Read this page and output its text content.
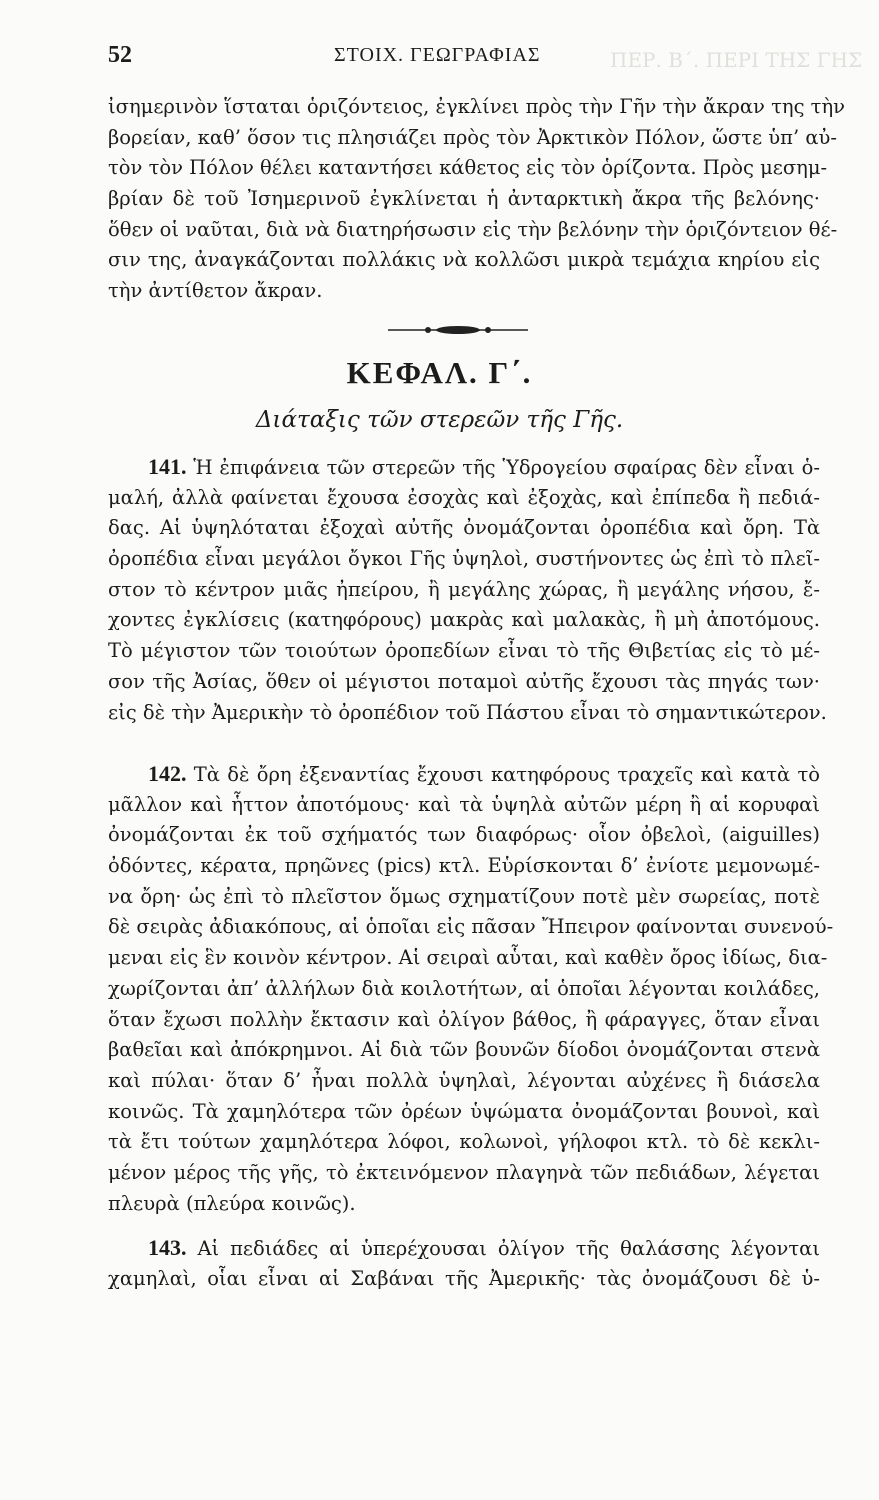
ΠΕΡ. Β΄. ΠΕΡΙ ΤΗΣ ΓΗΣ
52	ΣΤΟΙΧ. ΓΕΩΓΡΑΦΙΑΣ
ἰσημερινὸν ἵσταται ὁριζόντειος, ἐγκλίνει πρὸς τὴν Γῆν τὴν ἄκραν της τὴν
βορείαν, καθ’ ὅσον τις πλησιάζει πρὸς τὸν Ἀρκτικὸν Πόλον, ὥστε ὑπ’ αὐ-
τὸν τὸν Πόλον θέλει καταντήσει κάθετος εἰς τὸν ὁρίζοντα. Πρὸς μεσημ-
βρίαν δὲ τοῦ Ἰσημερινοῦ ἐγκλίνεται ἡ ἀνταρκτικὴ ἄκρα τῆς βελόνης·
ὅθεν οἱ ναῦται, διὰ νὰ διατηρήσωσιν εἰς τὴν βελόνην τὴν ὁριζόντειον θέ-
σιν της, ἀναγκάζονται πολλάκις νὰ κολλῶσι μικρὰ τεμάχια κηρίου εἰς
τὴν ἀντίθετον ἄκραν.
ΚΕΦΑΛ. Γ΄.
Διάταξις τῶν στερεῶν τῆς Γῆς.
141. Ἡ ἐπιφάνεια τῶν στερεῶν τῆς Ὑδρογείου σφαίρας δὲν εἶναι ὁ-
μαλή, ἀλλὰ φαίνεται ἔχουσα ἐσοχὰς καὶ ἐξοχὰς, καὶ ἐπίπεδα ἢ πεδιά-
δας. Αἱ ὑψηλόταται ἐξοχαὶ αὐτῆς ὀνομάζονται ὀροπέδια καὶ ὄρη. Τὰ
ὀροπέδια εἶναι μεγάλοι ὄγκοι Γῆς ὑψηλοὶ, συστήνοντες ὡς ἐπὶ τὸ πλεῖ-
στον τὸ κέντρον μιᾶς ἠπείρου, ἢ μεγάλης χώρας, ἢ μεγάλης νήσου, ἔ-
χοντες ἐγκλίσεις (κατηφόρους) μακρὰς καὶ μαλακὰς, ἢ μὴ ἀποτόμους.
Τὸ μέγιστον τῶν τοιούτων ὀροπεδίων εἶναι τὸ τῆς Θιβετίας εἰς τὸ μέ-
σον τῆς Ἀσίας, ὅθεν οἱ μέγιστοι ποταμοὶ αὐτῆς ἔχουσι τὰς πηγάς των·
εἰς δὲ τὴν Ἀμερικὴν τὸ ὀροπέδιον τοῦ Πάστου εἶναι τὸ σημαντικώτερον.
142. Τὰ δὲ ὄρη ἐξεναντίας ἔχουσι κατηφόρους τραχεῖς καὶ κατὰ τὸ
μᾶλλον καὶ ἧττον ἀποτόμους· καὶ τὰ ὑψηλὰ αὐτῶν μέρη ἢ αἱ κορυφαὶ
ὀνομάζονται ἐκ τοῦ σχήματός των διαφόρως· οἷον ὀβελοὶ, (aiguilles)
ὀδόντες, κέρατα, πρηῶνες (pics) κτλ. Εὑρίσκονται δ’ ἐνίοτε μεμονωμέ-
να ὄρη· ὡς ἐπὶ τὸ πλεῖστον ὅμως σχηματίζουν ποτὲ μὲν σωρείας, ποτὲ
δὲ σειρὰς ἀδιακόπους, αἱ ὁποῖαι εἰς πᾶσαν Ἤπειρον φαίνονται συνενού-
μεναι εἰς ἓν κοινὸν κέντρον. Αἱ σειραὶ αὗται, καὶ καθὲν ὄρος ἰδίως, δια-
χωρίζονται ἀπ’ ἀλλήλων διὰ κοιλοτήτων, αἱ ὁποῖαι λέγονται κοιλάδες,
ὅταν ἔχωσι πολλὴν ἔκτασιν καὶ ὀλίγον βάθος, ἢ φάραγγες, ὅταν εἶναι
βαθεῖαι καὶ ἀπόκρημνοι. Αἱ διὰ τῶν βουνῶν δίοδοι ὀνομάζονται στενὰ
καὶ πύλαι· ὅταν δ’ ἦναι πολλὰ ὑψηλαὶ, λέγονται αὐχένες ἢ διάσελα
κοινῶς. Τὰ χαμηλότερα τῶν ὀρέων ὑψώματα ὀνομάζονται βουνοὶ, καὶ
τὰ ἔτι τούτων χαμηλότερα λόφοι, κολωνοὶ, γήλοφοι κτλ. τὸ δὲ κεκλι-
μένον μέρος τῆς γῆς, τὸ ἐκτεινόμενον πλαγηνὰ τῶν πεδιάδων, λέγεται
πλευρὰ (πλεύρα κοινῶς).
143. Αἱ πεδιάδες αἱ ὑπερέχουσαι ὀλίγον τῆς θαλάσσης λέγονται
χαμηλαὶ, οἷαι εἶναι αἱ Σαβάναι τῆς Ἀμερικῆς· τὰς ὀνομάζουσι δὲ ὑ-
